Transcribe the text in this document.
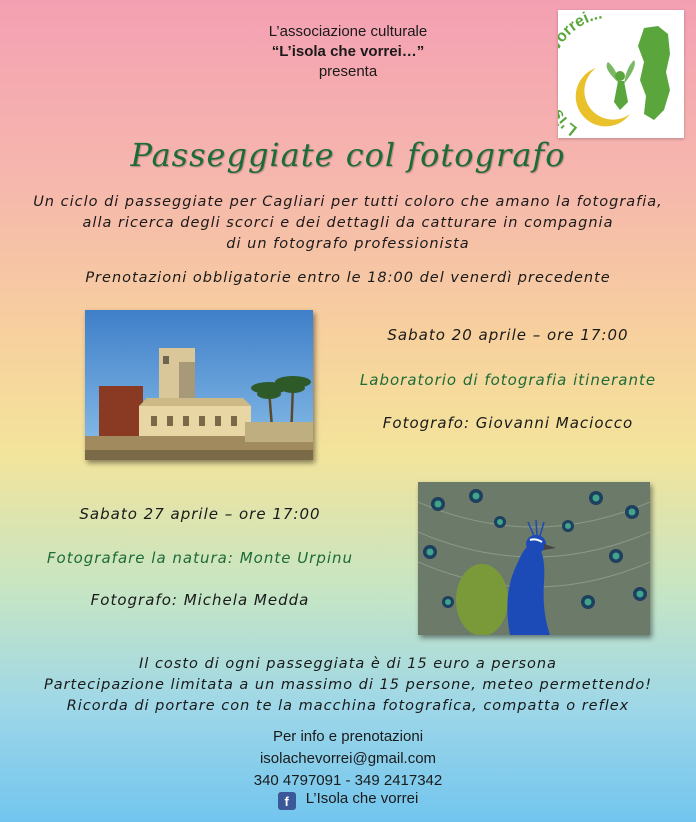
L’associazione culturale
“L’isola che vorrei…”
presenta
L' rrei...
Passeggiate col fotografo
Un ciclo di passeggiate per Cagliari per tutti coloro che amano la fotografia,
alla ricerca degli scorci e dei dettagli da catturare in compagnia
di un fotografo professionista
Prenotazioni obbligatorie entro le 18:00 del venerdì precedente
Sabato 20 aprile – ore 17:00
Laboratorio di fotografia itinerante
Fotografo: Giovanni Maciocco
Sabato 27 aprile – ore 17:00
Fotografare la natura: Monte Urpinu
Fotografo: Michela Medda
Il costo di ogni passeggiata è di 15 euro a persona
Partecipazione limitata a un massimo di 15 persone, meteo permettendo!
Ricorda di portare con te la macchina fotografica, compatta o reflex
Per info e prenotazioni
isolachevorrei@gmail.com
340 4797091 - 349 2417342
f L’Isola che vorrei
